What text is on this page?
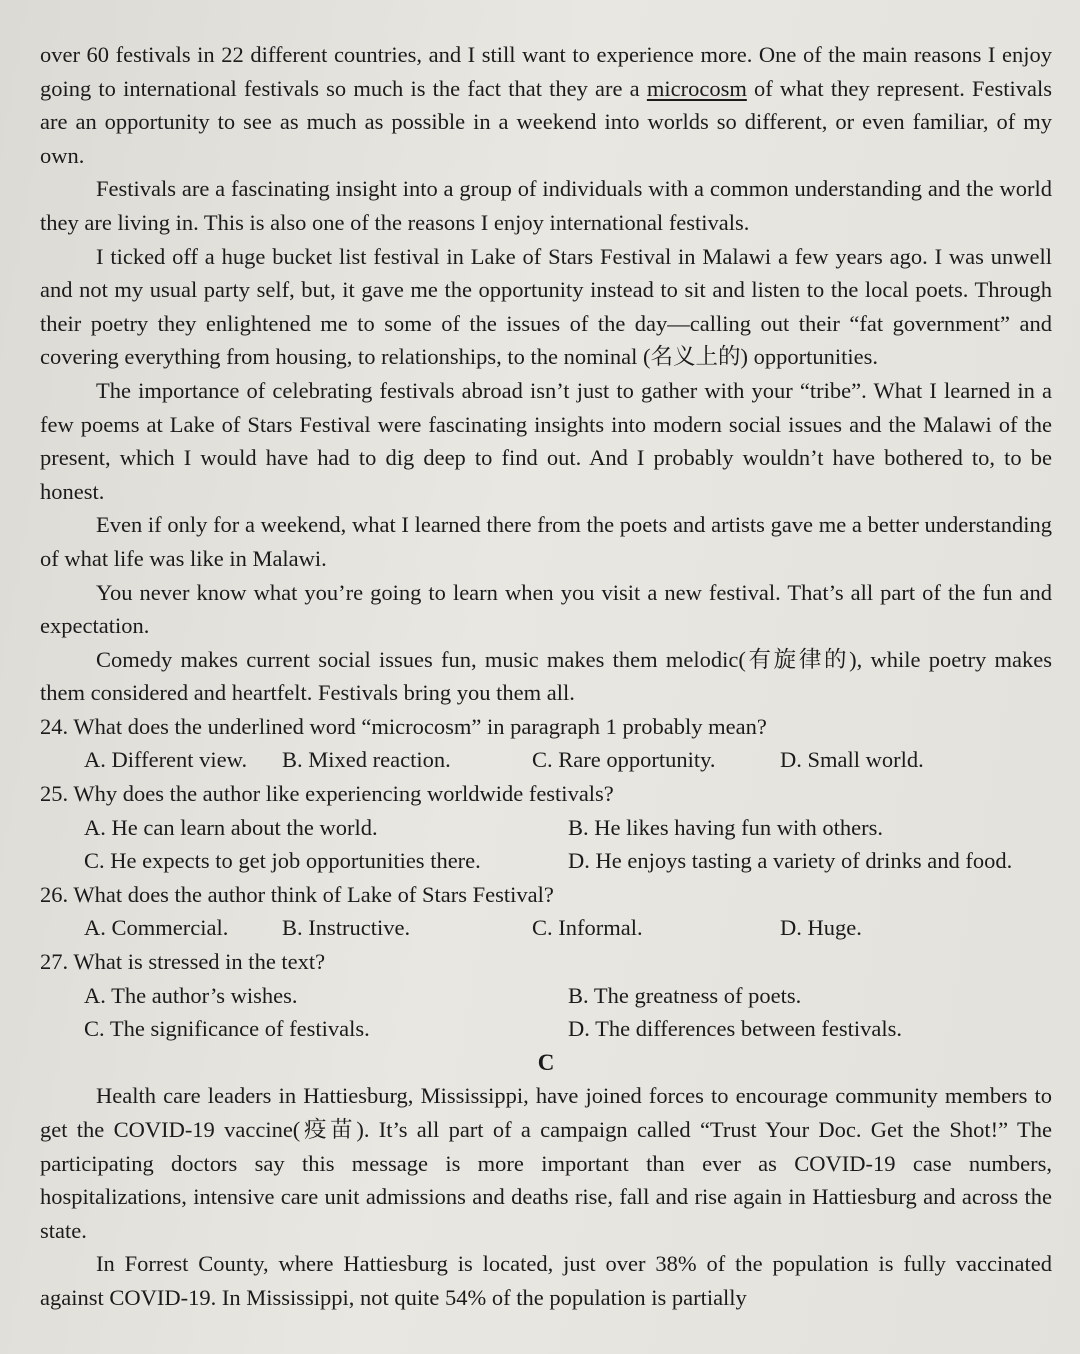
over 60 festivals in 22 different countries, and I still want to experience more. One of the main reasons I enjoy going to international festivals so much is the fact that they are a microcosm of what they represent. Festivals are an opportunity to see as much as possible in a weekend into worlds so different, or even familiar, of my own.

Festivals are a fascinating insight into a group of individuals with a common understanding and the world they are living in. This is also one of the reasons I enjoy international festivals.

I ticked off a huge bucket list festival in Lake of Stars Festival in Malawi a few years ago. I was unwell and not my usual party self, but, it gave me the opportunity instead to sit and listen to the local poets. Through their poetry they enlightened me to some of the issues of the day—calling out their “fat government” and covering everything from housing, to relationships, to the nominal (名义上的) opportunities.

The importance of celebrating festivals abroad isn’t just to gather with your “tribe”. What I learned in a few poems at Lake of Stars Festival were fascinating insights into modern social issues and the Malawi of the present, which I would have had to dig deep to find out. And I probably wouldn’t have bothered to, to be honest.

Even if only for a weekend, what I learned there from the poets and artists gave me a better understanding of what life was like in Malawi.

You never know what you’re going to learn when you visit a new festival. That’s all part of the fun and expectation.

Comedy makes current social issues fun, music makes them melodic(有旋律的), while poetry makes them considered and heartfelt. Festivals bring you them all.

24. What does the underlined word “microcosm” in paragraph 1 probably mean?

A. Different view.	B. Mixed reaction.	C. Rare opportunity.	D. Small world.

25. Why does the author like experiencing worldwide festivals?

A. He can learn about the world.	B. He likes having fun with others.
C. He expects to get job opportunities there.	D. He enjoys tasting a variety of drinks and food.

26. What does the author think of Lake of Stars Festival?

A. Commercial.	B. Instructive.	C. Informal.	D. Huge.

27. What is stressed in the text?

A. The author’s wishes.	B. The greatness of poets.
C. The significance of festivals.	D. The differences between festivals.

C

Health care leaders in Hattiesburg, Mississippi, have joined forces to encourage community members to get the COVID-19 vaccine(疫苗). It’s all part of a campaign called “Trust Your Doc. Get the Shot!” The participating doctors say this message is more important than ever as COVID-19 case numbers, hospitalizations, intensive care unit admissions and deaths rise, fall and rise again in Hattiesburg and across the state.

In Forrest County, where Hattiesburg is located, just over 38% of the population is fully vaccinated against COVID-19. In Mississippi, not quite 54% of the population is partially
